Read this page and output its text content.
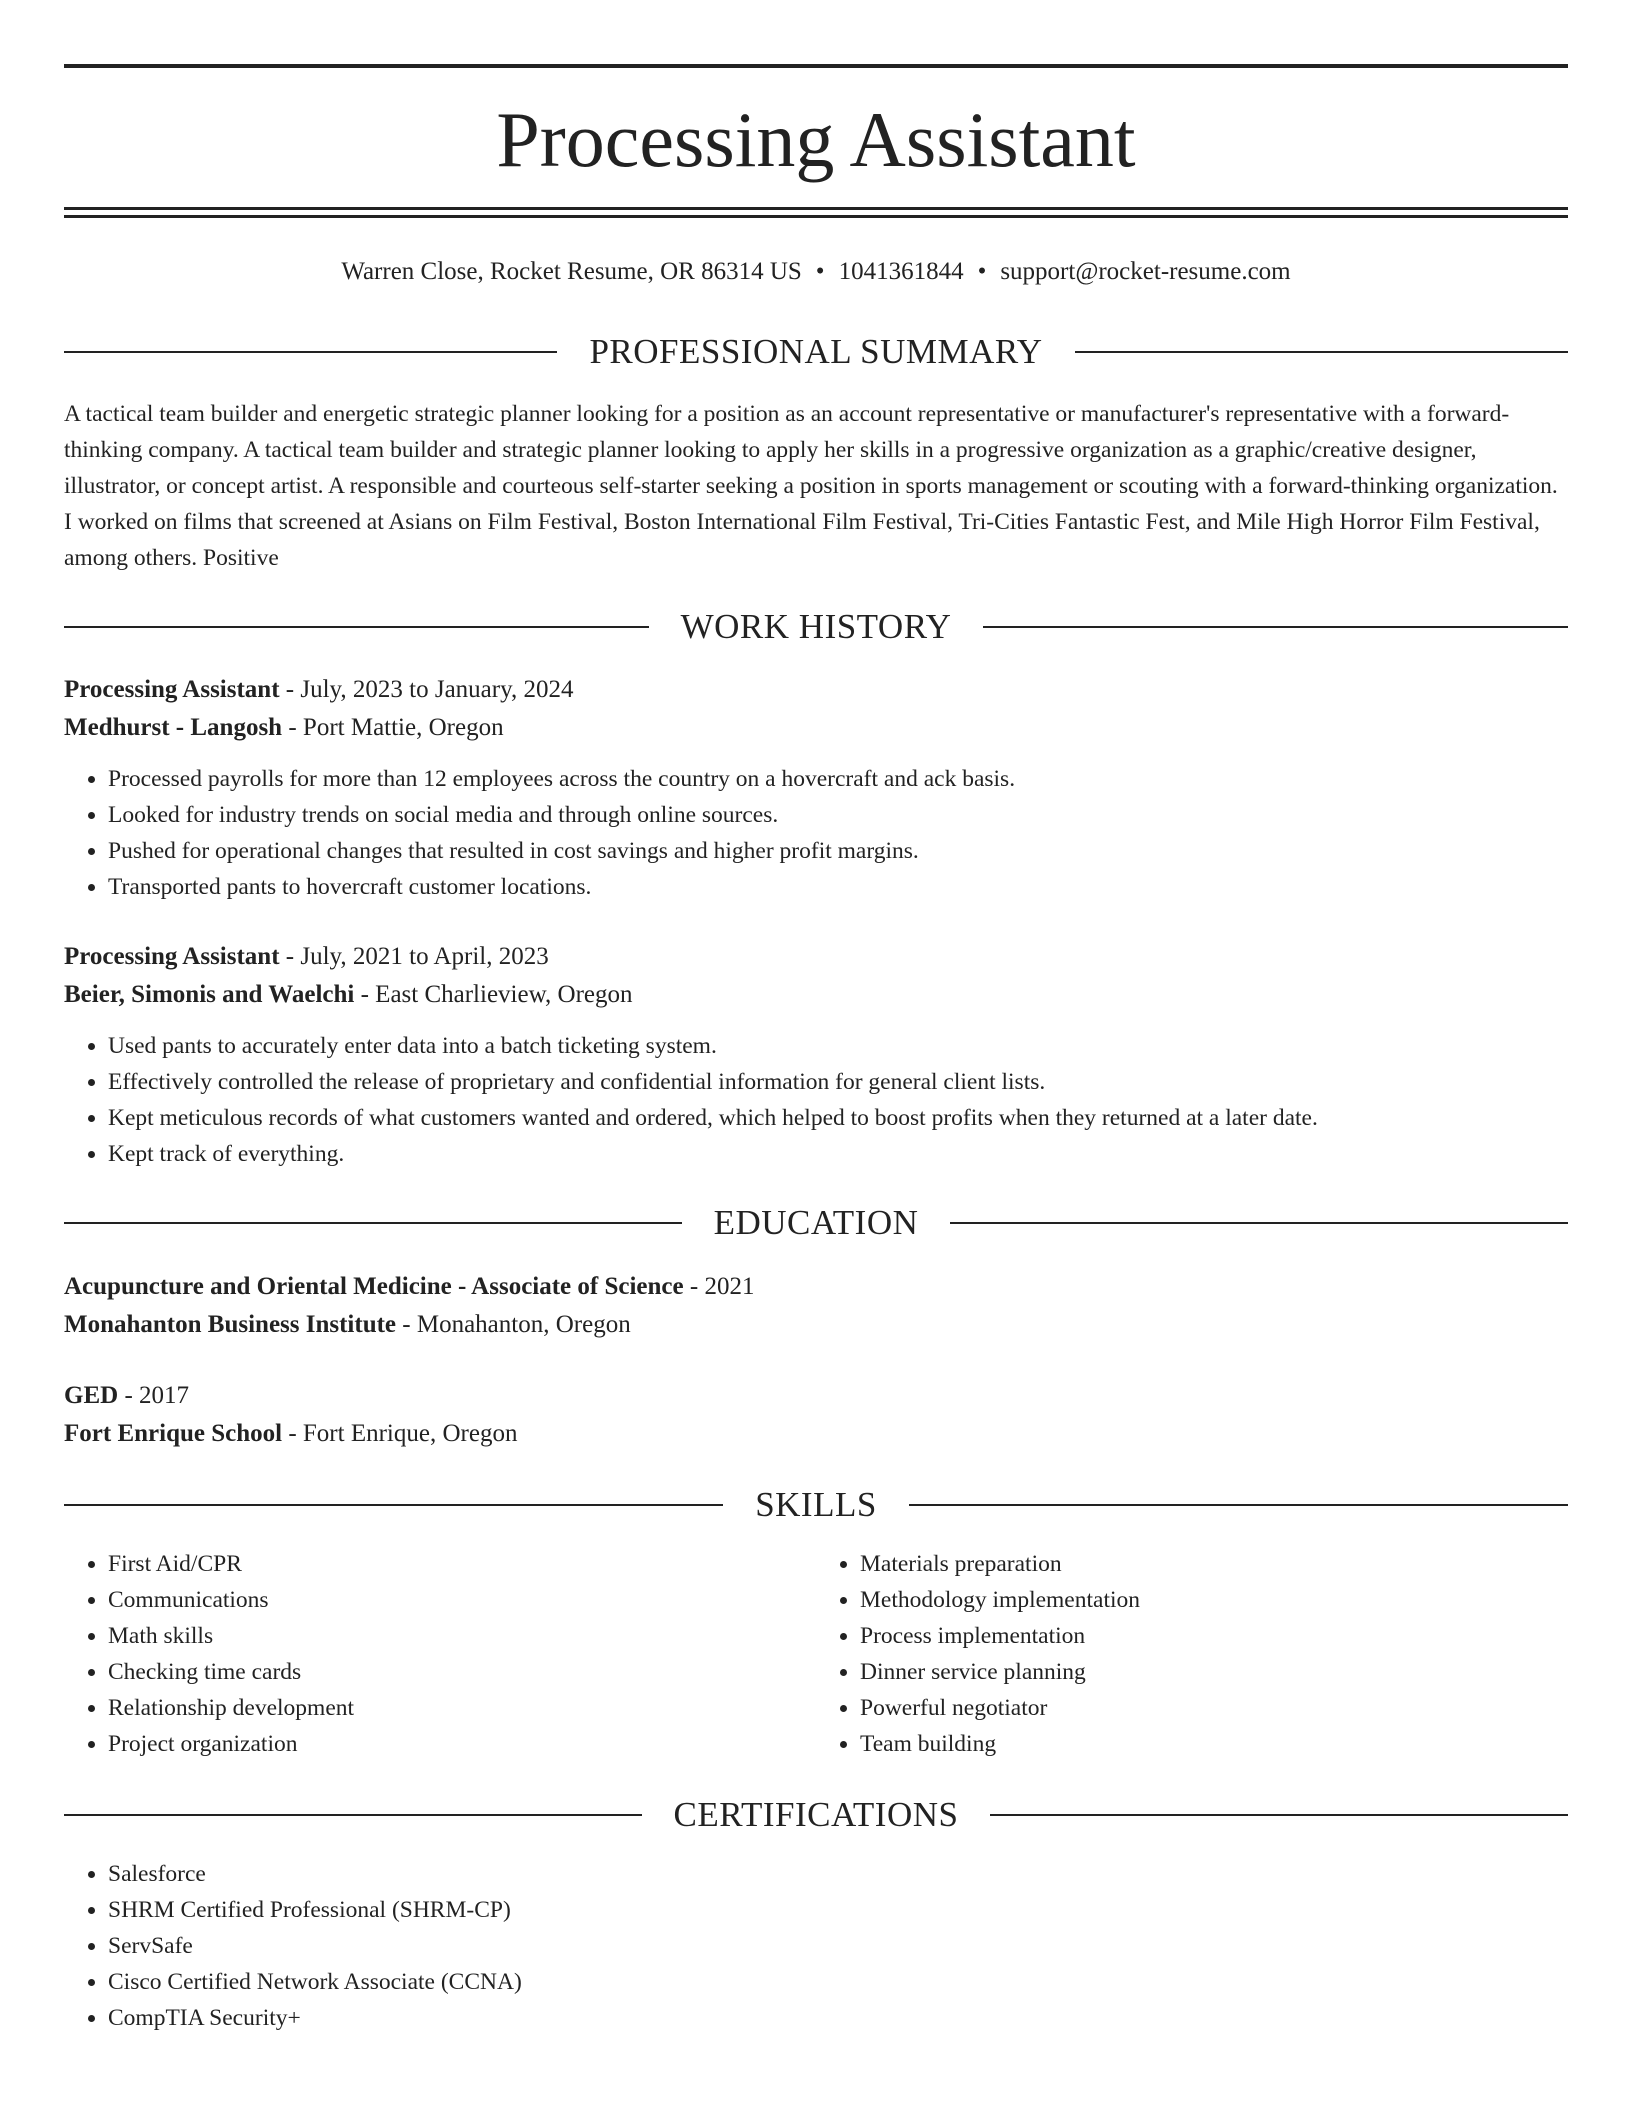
Processing Assistant
Warren Close, Rocket Resume, OR 86314 US • 1041361844 • support@rocket-resume.com
PROFESSIONAL SUMMARY

A tactical team builder and energetic strategic planner looking for a position as an account representative or manufacturer's representative with a forward-thinking company. A tactical team builder and strategic planner looking to apply her skills in a progressive organization as a graphic/creative designer, illustrator, or concept artist. A responsible and courteous self-starter seeking a position in sports management or scouting with a forward-thinking organization. I worked on films that screened at Asians on Film Festival, Boston International Film Festival, Tri-Cities Fantastic Fest, and Mile High Horror Film Festival, among others. Positive

WORK HISTORY

Processing Assistant - July, 2023 to January, 2024

Medhurst - Langosh - Port Mattie, Oregon

• Processed payrolls for more than 12 employees across the country on a hovercraft and ack basis.
• Looked for industry trends on social media and through online sources.
• Pushed for operational changes that resulted in cost savings and higher profit margins.
• Transported pants to hovercraft customer locations.

Processing Assistant - July, 2021 to April, 2023

Beier, Simonis and Waelchi - East Charlieview, Oregon

• Used pants to accurately enter data into a batch ticketing system.
• Effectively controlled the release of proprietary and confidential information for general client lists.
• Kept meticulous records of what customers wanted and ordered, which helped to boost profits when they returned at a later date.
• Kept track of everything.
EDUCATION

Acupuncture and Oriental Medicine - Associate of Science - 2021

Monahanton Business Institute - Monahanton, Oregon

GED - 2017

Fort Enrique School - Fort Enrique, Oregon

SKILLS
• First Aid/CPR
• Communications
• Math skills
• Checking time cards
• Relationship development
• Project organization
• Materials preparation
• Methodology implementation
• Process implementation
• Dinner service planning
• Powerful negotiator
• Team building
CERTIFICATIONS
• Salesforce
• SHRM Certified Professional (SHRM-CP)
• ServSafe
• Cisco Certified Network Associate (CCNA)
• CompTIA Security+
